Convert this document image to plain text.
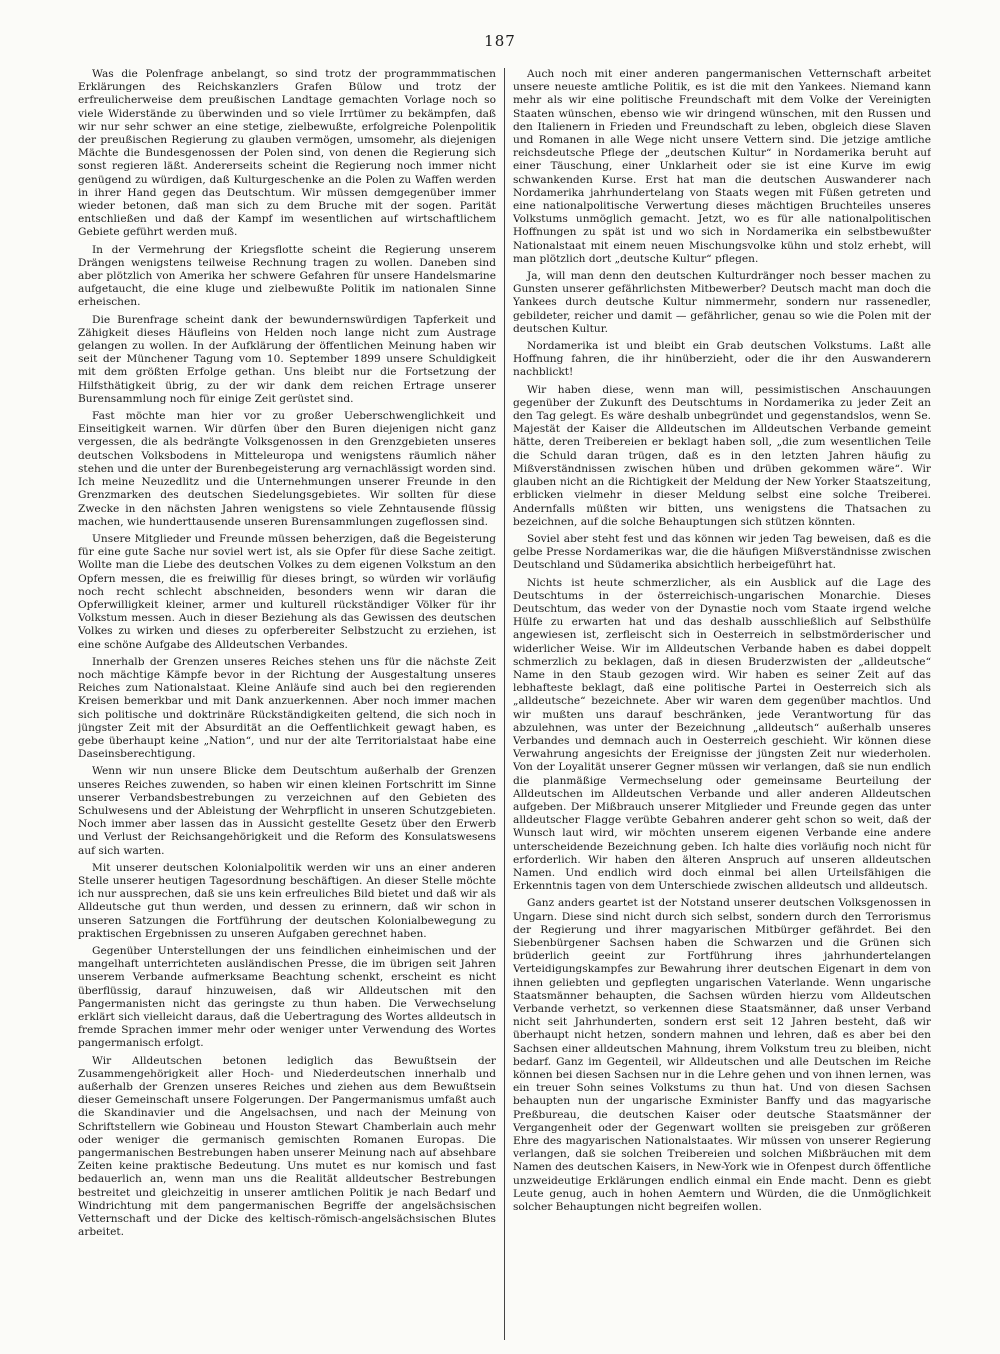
187

Was die Polenfrage anbelangt, so sind trotz der programmmatischen Erklärungen des Reichskanzlers Grafen Bülow und trotz der erfreulicherweise dem preußischen Landtage gemachten Vorlage noch so viele Widerstände zu überwinden und so viele Irrtümer zu bekämpfen, daß wir nur sehr schwer an eine stetige, zielbewußte, erfolgreiche Polenpolitik der preußischen Regierung zu glauben vermögen, umsomehr, als diejenigen Mächte die Bundesgenossen der Polen sind, von denen die Regierung sich sonst regieren läßt. Andererseits scheint die Regierung noch immer nicht genügend zu würdigen, daß Kulturgeschenke an die Polen zu Waffen werden in ihrer Hand gegen das Deutschtum. Wir müssen demgegenüber immer wieder betonen, daß man sich zu dem Bruche mit der sogen. Parität entschließen und daß der Kampf im wesentlichen auf wirtschaftlichem Gebiete geführt werden muß.

In der Vermehrung der Kriegsflotte scheint die Regierung unserem Drängen wenigstens teilweise Rechnung tragen zu wollen. Daneben sind aber plötzlich von Amerika her schwere Gefahren für unsere Handelsmarine aufgetaucht, die eine kluge und zielbewußte Politik im nationalen Sinne erheischen.

Die Burenfrage scheint dank der bewundernswürdigen Tapferkeit und Zähigkeit dieses Häufleins von Helden noch lange nicht zum Austrage gelangen zu wollen. In der Aufklärung der öffentlichen Meinung haben wir seit der Münchener Tagung vom 10. September 1899 unsere Schuldigkeit mit dem größten Erfolge gethan. Uns bleibt nur die Fortsetzung der Hilfsthätigkeit übrig, zu der wir dank dem reichen Ertrage unserer Burensammlung noch für einige Zeit gerüstet sind.

Fast möchte man hier vor zu großer Ueberschwenglichkeit und Einseitigkeit warnen. Wir dürfen über den Buren diejenigen nicht ganz vergessen, die als bedrängte Volksgenossen in den Grenzgebieten unseres deutschen Volksbodens in Mitteleuropa und wenigstens räumlich näher stehen und die unter der Burenbegeisterung arg vernachlässigt worden sind. Ich meine Neuzedlitz und die Unternehmungen unserer Freunde in den Grenzmarken des deutschen Siedelungsgebietes. Wir sollten für diese Zwecke in den nächsten Jahren wenigstens so viele Zehntausende flüssig machen, wie hunderttausende unseren Burensammlungen zugeflossen sind.

Unsere Mitglieder und Freunde müssen beherzigen, daß die Begeisterung für eine gute Sache nur soviel wert ist, als sie Opfer für diese Sache zeitigt. Wollte man die Liebe des deutschen Volkes zu dem eigenen Volkstum an den Opfern messen, die es freiwillig für dieses bringt, so würden wir vorläufig noch recht schlecht abschneiden, besonders wenn wir daran die Opferwilligkeit kleiner, armer und kulturell rückständiger Völker für ihr Volkstum messen. Auch in dieser Beziehung als das Gewissen des deutschen Volkes zu wirken und dieses zu opferbereiter Selbstzucht zu erziehen, ist eine schöne Aufgabe des Alldeutschen Verbandes.

Innerhalb der Grenzen unseres Reiches stehen uns für die nächste Zeit noch mächtige Kämpfe bevor in der Richtung der Ausgestaltung unseres Reiches zum Nationalstaat. Kleine Anläufe sind auch bei den regierenden Kreisen bemerkbar und mit Dank anzuerkennen. Aber noch immer machen sich politische und doktrinäre Rückständigkeiten geltend, die sich noch in jüngster Zeit mit der Absurdität an die Oeffentlichkeit gewagt haben, es gebe überhaupt keine „Nation“, und nur der alte Territorialstaat habe eine Daseinsberechtigung.

Wenn wir nun unsere Blicke dem Deutschtum außerhalb der Grenzen unseres Reiches zuwenden, so haben wir einen kleinen Fortschritt im Sinne unserer Verbandsbestrebungen zu verzeichnen auf den Gebieten des Schulwesens und der Ableistung der Wehrpflicht in unseren Schutzgebieten. Noch immer aber lassen das in Aussicht gestellte Gesetz über den Erwerb und Verlust der Reichsangehörigkeit und die Reform des Konsulatswesens auf sich warten.

Mit unserer deutschen Kolonialpolitik werden wir uns an einer anderen Stelle unserer heutigen Tagesordnung beschäftigen. An dieser Stelle möchte ich nur aussprechen, daß sie uns kein erfreuliches Bild bietet und daß wir als Alldeutsche gut thun werden, und dessen zu erinnern, daß wir schon in unseren Satzungen die Fortführung der deutschen Kolonialbewegung zu praktischen Ergebnissen zu unseren Aufgaben gerechnet haben.

Gegenüber Unterstellungen der uns feindlichen einheimischen und der mangelhaft unterrichteten ausländischen Presse, die im übrigen seit Jahren unserem Verbande aufmerksame Beachtung schenkt, erscheint es nicht überflüssig, darauf hinzuweisen, daß wir Alldeutschen mit den Pangermanisten nicht das geringste zu thun haben. Die Verwechselung erklärt sich vielleicht daraus, daß die Uebertragung des Wortes alldeutsch in fremde Sprachen immer mehr oder weniger unter Verwendung des Wortes pangermanisch erfolgt.

Wir Alldeutschen betonen lediglich das Bewußtsein der Zusammengehörigkeit aller Hoch- und Niederdeutschen innerhalb und außerhalb der Grenzen unseres Reiches und ziehen aus dem Bewußtsein dieser Gemeinschaft unsere Folgerungen. Der Pangermanismus umfaßt auch die Skandinavier und die Angelsachsen, und nach der Meinung von Schriftstellern wie Gobineau und Houston Stewart Chamberlain auch mehr oder weniger die germanisch gemischten Romanen Europas. Die pangermanischen Bestrebungen haben unserer Meinung nach auf absehbare Zeiten keine praktische Bedeutung. Uns mutet es nur komisch und fast bedauerlich an, wenn man uns die Realität alldeutscher Bestrebungen bestreitet und gleichzeitig in unserer amtlichen Politik je nach Bedarf und Windrichtung mit dem pangermanischen Begriffe der angelsächsischen Vetternschaft und der Dicke des keltisch-römisch-angelsächsischen Blutes arbeitet.

Auch noch mit einer anderen pangermanischen Vetternschaft arbeitet unsere neueste amtliche Politik, es ist die mit den Yankees. Niemand kann mehr als wir eine politische Freundschaft mit dem Volke der Vereinigten Staaten wünschen, ebenso wie wir dringend wünschen, mit den Russen und den Italienern in Frieden und Freundschaft zu leben, obgleich diese Slaven und Romanen in alle Wege nicht unsere Vettern sind. Die jetzige amtliche reichsdeutsche Pflege der „deutschen Kultur“ in Nordamerika beruht auf einer Täuschung, einer Unklarheit oder sie ist eine Kurve im ewig schwankenden Kurse. Erst hat man die deutschen Auswanderer nach Nordamerika jahrhundertelang von Staats wegen mit Füßen getreten und eine nationalpolitische Verwertung dieses mächtigen Bruchteiles unseres Volkstums unmöglich gemacht. Jetzt, wo es für alle nationalpolitischen Hoffnungen zu spät ist und wo sich in Nordamerika ein selbstbewußter Nationalstaat mit einem neuen Mischungsvolke kühn und stolz erhebt, will man plötzlich dort „deutsche Kultur“ pflegen.

Ja, will man denn den deutschen Kulturdränger noch besser machen zu Gunsten unserer gefährlichsten Mitbewerber? Deutsch macht man doch die Yankees durch deutsche Kultur nimmermehr, sondern nur rassenedler, gebildeter, reicher und damit — gefährlicher, genau so wie die Polen mit der deutschen Kultur.

Nordamerika ist und bleibt ein Grab deutschen Volkstums. Laßt alle Hoffnung fahren, die ihr hinüberzieht, oder die ihr den Auswanderern nachblickt!

Wir haben diese, wenn man will, pessimistischen Anschauungen gegenüber der Zukunft des Deutschtums in Nordamerika zu jeder Zeit an den Tag gelegt. Es wäre deshalb unbegründet und gegenstandslos, wenn Se. Majestät der Kaiser die Alldeutschen im Alldeutschen Verbande gemeint hätte, deren Treibereien er beklagt haben soll, „die zum wesentlichen Teile die Schuld daran trügen, daß es in den letzten Jahren häufig zu Mißverständnissen zwischen hüben und drüben gekommen wäre“. Wir glauben nicht an die Richtigkeit der Meldung der New Yorker Staatszeitung, erblicken vielmehr in dieser Meldung selbst eine solche Treiberei. Andernfalls müßten wir bitten, uns wenigstens die Thatsachen zu bezeichnen, auf die solche Behauptungen sich stützen könnten.

Soviel aber steht fest und das können wir jeden Tag beweisen, daß es die gelbe Presse Nordamerikas war, die die häufigen Mißverständnisse zwischen Deutschland und Südamerika absichtlich herbeigeführt hat.

Nichts ist heute schmerzlicher, als ein Ausblick auf die Lage des Deutschtums in der österreichisch-ungarischen Monarchie. Dieses Deutschtum, das weder von der Dynastie noch vom Staate irgend welche Hülfe zu erwarten hat und das deshalb ausschließlich auf Selbsthülfe angewiesen ist, zerfleischt sich in Oesterreich in selbstmörderischer und widerlicher Weise. Wir im Alldeutschen Verbande haben es dabei doppelt schmerzlich zu beklagen, daß in diesen Bruderzwisten der „alldeutsche“ Name in den Staub gezogen wird. Wir haben es seiner Zeit auf das lebhafteste beklagt, daß eine politische Partei in Oesterreich sich als „alldeutsche“ bezeichnete. Aber wir waren dem gegenüber machtlos. Und wir mußten uns darauf beschränken, jede Verantwortung für das abzulehnen, was unter der Bezeichnung „alldeutsch“ außerhalb unseres Verbandes und demnach auch in Oesterreich geschieht. Wir können diese Verwahrung angesichts der Ereignisse der jüngsten Zeit nur wiederholen. Von der Loyalität unserer Gegner müssen wir verlangen, daß sie nun endlich die planmäßige Vermechselung oder gemeinsame Beurteilung der Alldeutschen im Alldeutschen Verbande und aller anderen Alldeutschen aufgeben. Der Mißbrauch unserer Mitglieder und Freunde gegen das unter alldeutscher Flagge verübte Gebahren anderer geht schon so weit, daß der Wunsch laut wird, wir möchten unserem eigenen Verbande eine andere unterscheidende Bezeichnung geben. Ich halte dies vorläufig noch nicht für erforderlich. Wir haben den älteren Anspruch auf unseren alldeutschen Namen. Und endlich wird doch einmal bei allen Urteilsfähigen die Erkenntnis tagen von dem Unterschiede zwischen alldeutsch und alldeutsch.

Ganz anders geartet ist der Notstand unserer deutschen Volksgenossen in Ungarn. Diese sind nicht durch sich selbst, sondern durch den Terrorismus der Regierung und ihrer magyarischen Mitbürger gefährdet. Bei den Siebenbürgener Sachsen haben die Schwarzen und die Grünen sich brüderlich geeint zur Fortführung ihres jahrhundertelangen Verteidigungskampfes zur Bewahrung ihrer deutschen Eigenart in dem von ihnen geliebten und gepflegten ungarischen Vaterlande. Wenn ungarische Staatsmänner behaupten, die Sachsen würden hierzu vom Alldeutschen Verbande verhetzt, so verkennen diese Staatsmänner, daß unser Verband nicht seit Jahrhunderten, sondern erst seit 12 Jahren besteht, daß wir überhaupt nicht hetzen, sondern mahnen und lehren, daß es aber bei den Sachsen einer alldeutschen Mahnung, ihrem Volkstum treu zu bleiben, nicht bedarf. Ganz im Gegenteil, wir Alldeutschen und alle Deutschen im Reiche können bei diesen Sachsen nur in die Lehre gehen und von ihnen lernen, was ein treuer Sohn seines Volkstums zu thun hat. Und von diesen Sachsen behaupten nun der ungarische Exminister Banffy und das magyarische Preßbureau, die deutschen Kaiser oder deutsche Staatsmänner der Vergangenheit oder der Gegenwart wollten sie preisgeben zur größeren Ehre des magyarischen Nationalstaates. Wir müssen von unserer Regierung verlangen, daß sie solchen Treibereien und solchen Mißbräuchen mit dem Namen des deutschen Kaisers, in New-York wie in Ofenpest durch öffentliche unzweideutige Erklärungen endlich einmal ein Ende macht. Denn es giebt Leute genug, auch in hohen Aemtern und Würden, die die Unmöglichkeit solcher Behauptungen nicht begreifen wollen.
